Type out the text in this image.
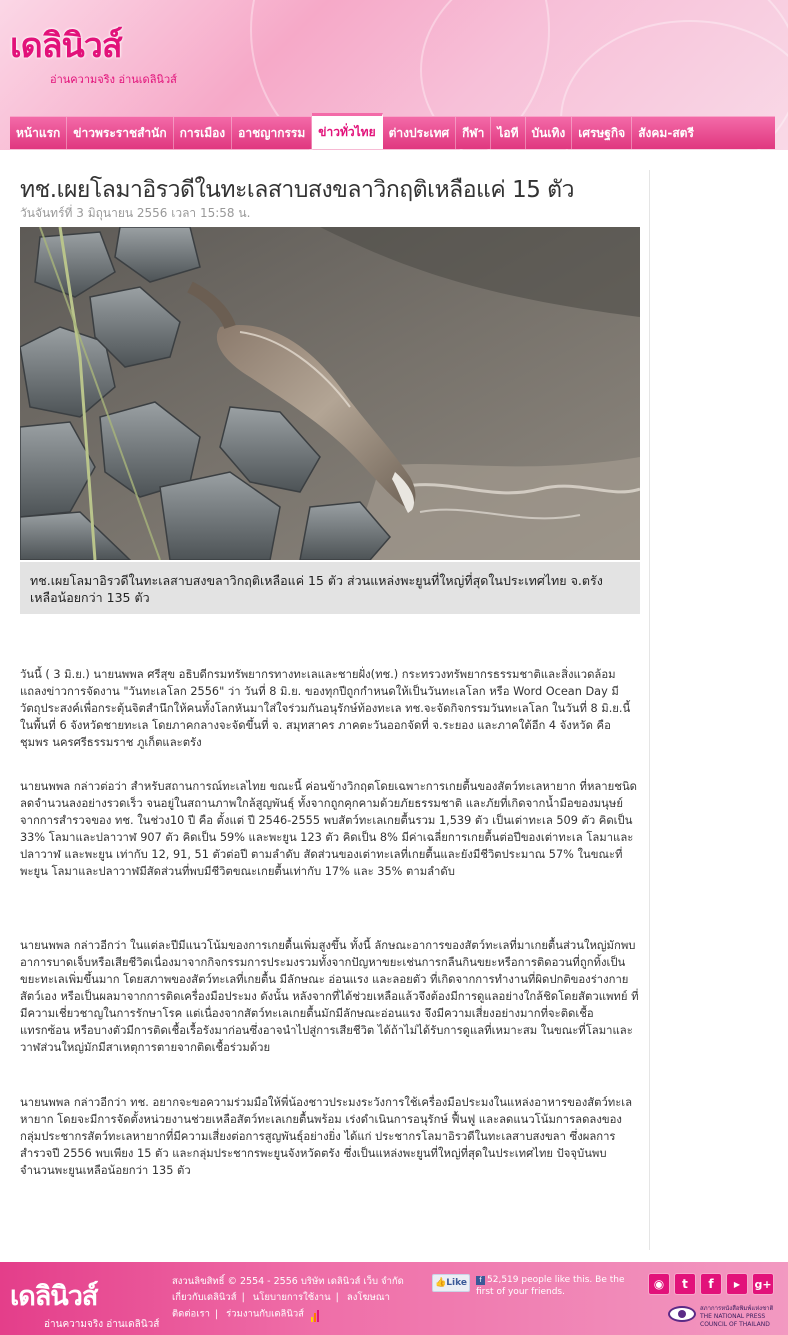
เดลินิวส์
อ่านความจริง อ่านเดลินิวส์
หน้าแรก	ข่าวพระราชสำนัก	การเมือง	อาชญากรรม	ข่าวทั่วไทย	ต่างประเทศ	กีฬา	ไอที	บันเทิง	เศรษฐกิจ	สังคม-สตรี
ทช.เผยโลมาอิรวดีในทะเลสาบสงขลาวิกฤติเหลือแค่ 15 ตัว
วันจันทร์ที่ 3 มิถุนายน 2556 เวลา 15:58 น.
ทช.เผยโลมาอิรวดีในทะเลสาบสงขลาวิกฤติเหลือแค่ 15 ตัว ส่วนแหล่งพะยูนที่ใหญ่ที่สุดในประเทศไทย จ.ตรัง เหลือน้อยกว่า 135 ตัว

วันนี้ ( 3 มิ.ย.) นายนพพล ศรีสุข อธิบดีกรมทรัพยากรทางทะเลและชายฝั่ง(ทช.) กระทรวงทรัพยากรธรรมชาติและสิ่งแวดล้อม แถลงข่าวการจัดงาน "วันทะเลโลก 2556" ว่า วันที่ 8 มิ.ย. ของทุกปีถูกกำหนดให้เป็นวันทะเลโลก หรือ Word Ocean Day มีวัตถุประสงค์เพื่อกระตุ้นจิตสำนึกให้คนทั้งโลกหันมาใส่ใจร่วมกันอนุรักษ์ท้องทะเล ทช.จะจัดกิจกรรมวันทะเลโลก ในวันที่ 8 มิ.ย.นี้ ในพื้นที่ 6 จังหวัดชายทะเล โดยภาคกลางจะจัดขึ้นที่ จ. สมุทสาคร ภาคตะวันออกจัดที่ จ.ระยอง และภาคใต้อีก 4 จังหวัด คือ ชุมพร นครศรีธรรมราช ภูเก็ตและตรัง

นายนพพล กล่าวต่อว่า สำหรับสถานการณ์ทะเลไทย ขณะนี้ ค่อนข้างวิกฤตโดยเฉพาะการเกยตื้นของสัตว์ทะเลหายาก ที่หลายชนิดลดจำนวนลงอย่างรวดเร็ว จนอยู่ในสถานภาพใกล้สูญพันธุ์ ทั้งจากถูกคุกคามด้วยภัยธรรมชาติ และภัยที่เกิดจากน้ำมือของมนุษย์ จากการสำรวจของ ทช. ในช่วง10 ปี คือ ตั้งแต่ ปี 2546-2555 พบสัตว์ทะเลเกยตื้นรวม 1,539 ตัว เป็นเต่าทะเล 509 ตัว คิดเป็น 33% โลมาและปลาวาฬ 907 ตัว คิดเป็น 59% และพะยูน 123 ตัว คิดเป็น 8% มีค่าเฉลี่ยการเกยตื้นต่อปีของเต่าทะเล โลมาและปลาวาฬ และพะยูน เท่ากับ 12, 91, 51 ตัวต่อปี ตามลำดับ สัดส่วนของเต่าทะเลที่เกยตื้นและยังมีชีวิตประมาณ 57% ในขณะที่พะยูน โลมาและปลาวาฬมีสัดส่วนที่พบมีชีวิตขณะเกยตื้นเท่ากับ 17% และ 35% ตามลำดับ

นายนพพล กล่าวอีกว่า ในแต่ละปีมีแนวโน้มของการเกยตื้นเพิ่มสูงขึ้น ทั้งนี้ ลักษณะอาการของสัตว์ทะเลที่มาเกยตื้นส่วนใหญ่มักพบอาการบาดเจ็บหรือเสียชีวิตเนื่องมาจากกิจกรรมการประมงรวมทั้งจากปัญหาขยะเช่นการกลืนกินขยะหรือการติดอวนที่ถูกทิ้งเป็นขยะทะเลเพิ่มขึ้นมาก โดยสภาพของสัตว์ทะเลที่เกยตื้น มีลักษณะ อ่อนแรง และลอยตัว ที่เกิดจากการทำงานที่ผิดปกติของร่างกายสัตว์เอง หรือเป็นผลมาจากการติดเครื่องมือประมง ดังนั้น หลังจากที่ได้ช่วยเหลือแล้วจึงต้องมีการดูแลอย่างใกล้ชิดโดยสัตวแพทย์ ที่มีความเชี่ยวชาญในการรักษาโรค แต่เนื่องจากสัตว์ทะเลเกยตื้นมักมีลักษณะอ่อนแรง จึงมีความเสี่ยงอย่างมากที่จะติดเชื้อแทรกซ้อน หรือบางตัวมีการติดเชื้อเรื้อรังมาก่อนซึ่งอาจนำไปสู่การเสียชีวิต ได้ถ้าไม่ได้รับการดูแลที่เหมาะสม ในขณะที่โลมาและวาฬส่วนใหญ่มักมีสาเหตุการตายจากติดเชื้อร่วมด้วย

นายนพพล กล่าวอีกว่า ทช. อยากจะขอความร่วมมือให้พี่น้องชาวประมงระวังการใช้เครื่องมือประมงในแหล่งอาหารของสัตว์ทะเลหายาก โดยจะมีการจัดตั้งหน่วยงานช่วยเหลือสัตว์ทะเลเกยตื้นพร้อม เร่งดำเนินการอนุรักษ์ ฟื้นฟู และลดแนวโน้มการลดลงของกลุ่มประชากรสัตว์ทะเลหายากที่มีความเสี่ยงต่อการสูญพันธุ์อย่างยิ่ง ได้แก่ ประชากรโลมาอิรวดีในทะเลสาบสงขลา ซึ่งผลการสำรวจปี 2556 พบเพียง 15 ตัว และกลุ่มประชากรพะยูนจังหวัดตรัง ซึ่งเป็นแหล่งพะยูนที่ใหญ่ที่สุดในประเทศไทย ปัจจุบันพบจำนวนพะยูนเหลือน้อยกว่า 135 ตัว

เดลินิวส์
อ่านความจริง อ่านเดลินิวส์
สงวนลิขสิทธิ์ © 2554 - 2556 บริษัท เดลินิวส์ เว็บ จำกัด
เกี่ยวกับเดลินิวส์ | นโยบายการใช้งาน | ลงโฆษณา
ติดต่อเรา | ร่วมงานกับเดลินิวส์
👍 Like	f 52,519 people like this. Be the first of your friends.
◉	t	f	▶	g+
สภาการหนังสือพิมพ์แห่งชาติ THE NATIONAL PRESS COUNCIL OF THAILAND
